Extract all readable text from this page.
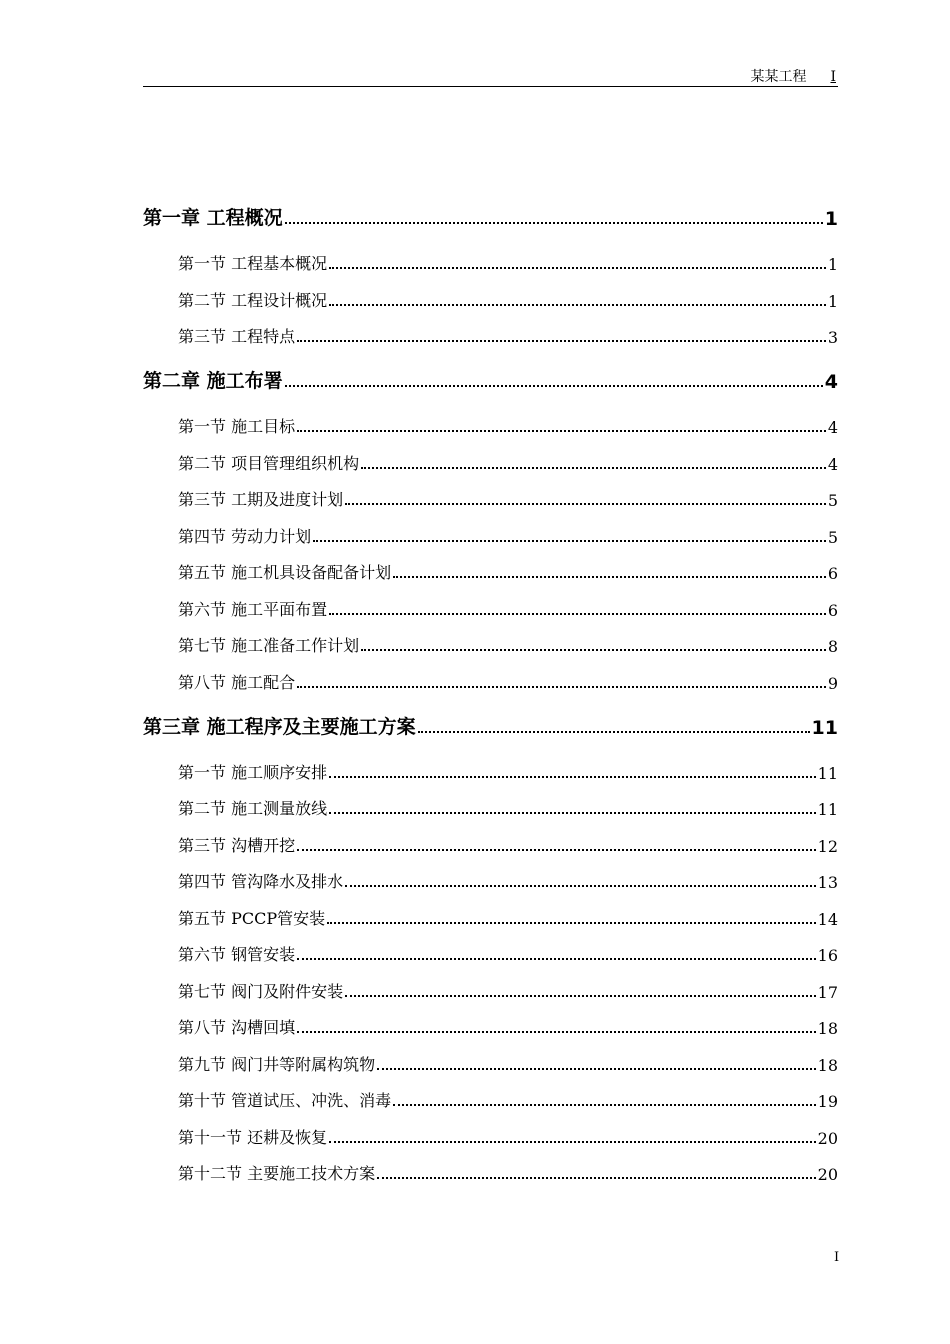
某某工程 I
第一章 工程概况	1
第一节 工程基本概况	1
第二节 工程设计概况	1
第三节 工程特点	3
第二章 施工布署	4
第一节 施工目标	4
第二节 项目管理组织机构	4
第三节 工期及进度计划	5
第四节 劳动力计划	5
第五节 施工机具设备配备计划	6
第六节 施工平面布置	6
第七节 施工准备工作计划	8
第八节 施工配合	9
第三章 施工程序及主要施工方案	11
第一节 施工顺序安排	11
第二节 施工测量放线	11
第三节 沟槽开挖	12
第四节 管沟降水及排水	13
第五节 PCCP管安装	14
第六节 钢管安装	16
第七节 阀门及附件安装	17
第八节 沟槽回填	18
第九节 阀门井等附属构筑物	18
第十节 管道试压、冲洗、消毒	19
第十一节 还耕及恢复	20
第十二节 主要施工技术方案	20
I
